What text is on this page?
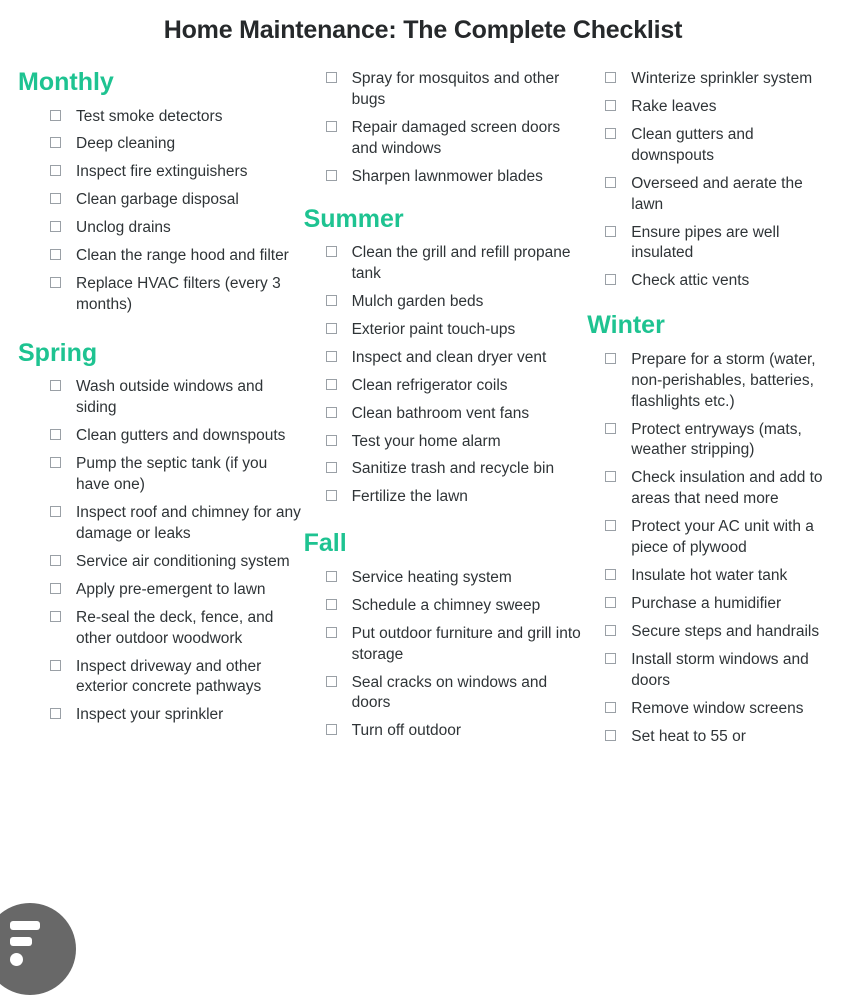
Home Maintenance: The Complete Checklist
Monthly
Test smoke detectors
Deep cleaning
Inspect fire extinguishers
Clean garbage disposal
Unclog drains
Clean the range hood and filter
Replace HVAC filters (every 3 months)
Spring
Wash outside windows and siding
Clean gutters and downspouts
Pump the septic tank (if you have one)
Inspect roof and chimney for any damage or leaks
Service air conditioning system
Apply pre-emergent to lawn
Re-seal the deck, fence, and other outdoor woodwork
Inspect driveway and other exterior concrete pathways
Inspect your sprinkler
Spray for mosquitos and other bugs
Repair damaged screen doors and windows
Sharpen lawnmower blades
Summer
Clean the grill and refill propane tank
Mulch garden beds
Exterior paint touch-ups
Inspect and clean dryer vent
Clean refrigerator coils
Clean bathroom vent fans
Test your home alarm
Sanitize trash and recycle bin
Fertilize the lawn
Fall
Service heating system
Schedule a chimney sweep
Put outdoor furniture and grill into storage
Seal cracks on windows and doors
Turn off outdoor
Winterize sprinkler system
Rake leaves
Clean gutters and downspouts
Overseed and aerate the lawn
Ensure pipes are well insulated
Check attic vents
Winter
Prepare for a storm (water, non-perishables, batteries, flashlights etc.)
Protect entryways (mats, weather stripping)
Check insulation and add to areas that need more
Protect your AC unit with a piece of plywood
Insulate hot water tank
Purchase a humidifier
Secure steps and handrails
Install storm windows and doors
Remove window screens
Set heat to 55 or
